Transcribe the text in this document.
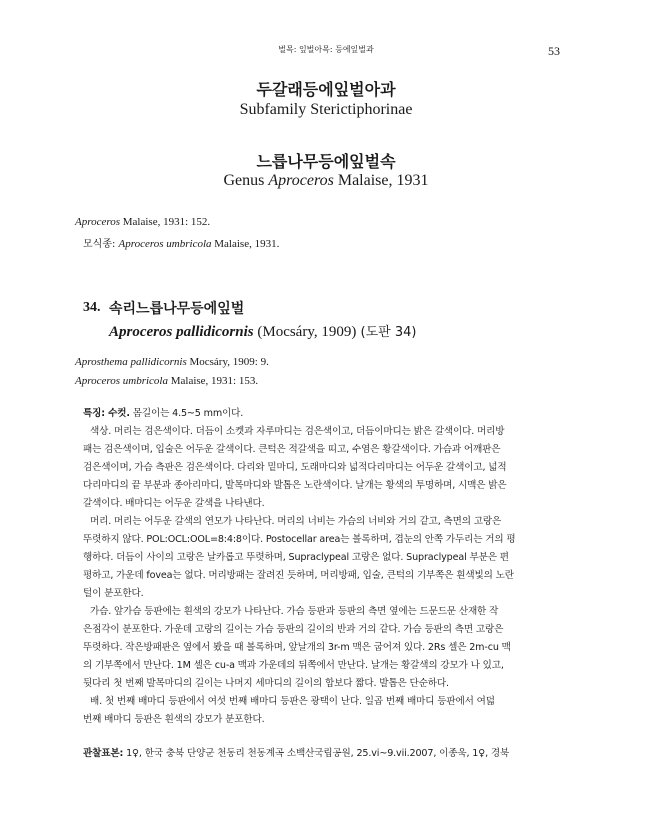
벌목: 잎벌아목: 등에잎벌과	53
두갈래등에잎벌아과
Subfamily Sterictiphorinae
느릅나무등에잎벌속
Genus Aproceros Malaise, 1931
Aproceros Malaise, 1931: 152.
모식종: Aproceros umbricola Malaise, 1931.
34. 속리느릅나무등에잎벌
Aproceros pallidicornis (Mocsáry, 1909) (도판 34)
Aprosthema pallidicornis Mocsáry, 1909: 9.
Aproceros umbricola Malaise, 1931: 153.
특징: 수컷. 몸길이는 4.5~5 mm이다.
색상. 머리는 검은색이다. 더듬이 소켓과 자루마디는 검은색이고, 더듬이마디는 밝은 갈색이다. 머리방
패는 검은색이며, 입술은 어두운 갈색이다. 큰턱은 적갈색을 띠고, 수염은 황갈색이다. 가슴과 어깨판은
검은색이며, 가슴 측판은 검은색이다. 다리와 밑마디, 도래마디와 넓적다리마디는 어두운 갈색이고, 넓적
다리마디의 끝 부분과 종아리마디, 발목마디와 발톱은 노란색이다. 날개는 황색의 투명하며, 시맥은 밝은
갈색이다. 배마디는 어두운 갈색을 나타낸다.
머리. 머리는 어두운 갈색의 연모가 나타난다. 머리의 너비는 가슴의 너비와 거의 같고, 측면의 고랑은
뚜렷하지 않다. POL:OCL:OOL=8:4:8이다. Postocellar area는 볼록하며, 겹눈의 안쪽 가두리는 거의 평
행하다. 더듬이 사이의 고랑은 날카롭고 뚜렷하며, Supraclypeal 고랑은 없다. Supraclypeal 부분은 편
평하고, 가운데 fovea는 없다. 머리방패는 잘려진 듯하며, 머리방패, 입술, 큰턱의 기부쪽은 흰색빛의 노란
털이 분포한다.
가슴. 앞가슴 등판에는 흰색의 강모가 나타난다. 가슴 등판과 등판의 측면 옆에는 드문드문 산재한 작
은점각이 분포한다. 가운데 고랑의 길이는 가슴 등판의 길이의 반과 거의 같다. 가슴 등판의 측면 고랑은
뚜렷하다. 작은방패판은 옆에서 봤을 때 볼록하며, 앞날개의 3r-m 맥은 굽어져 있다. 2Rs 셀은 2m-cu 맥
의 기부쪽에서 만난다. 1M 셀은 cu-a 맥과 가운데의 뒤쪽에서 만난다. 날개는 황갈색의 강모가 나 있고,
뒷다리 첫 번째 발목마디의 길이는 나머지 세마디의 길이의 합보다 짧다. 발톱은 단순하다.
배. 첫 번째 배마디 등판에서 여섯 번째 배마디 등판은 광택이 난다. 일곱 번째 배마디 등판에서 여덟
번째 배마디 등판은 흰색의 강모가 분포한다.
관찰표본: 1♀, 한국 충북 단양군 천동리 천동계곡 소백산국립공원, 25.vi~9.vii.2007, 이종욱, 1♀, 경북
